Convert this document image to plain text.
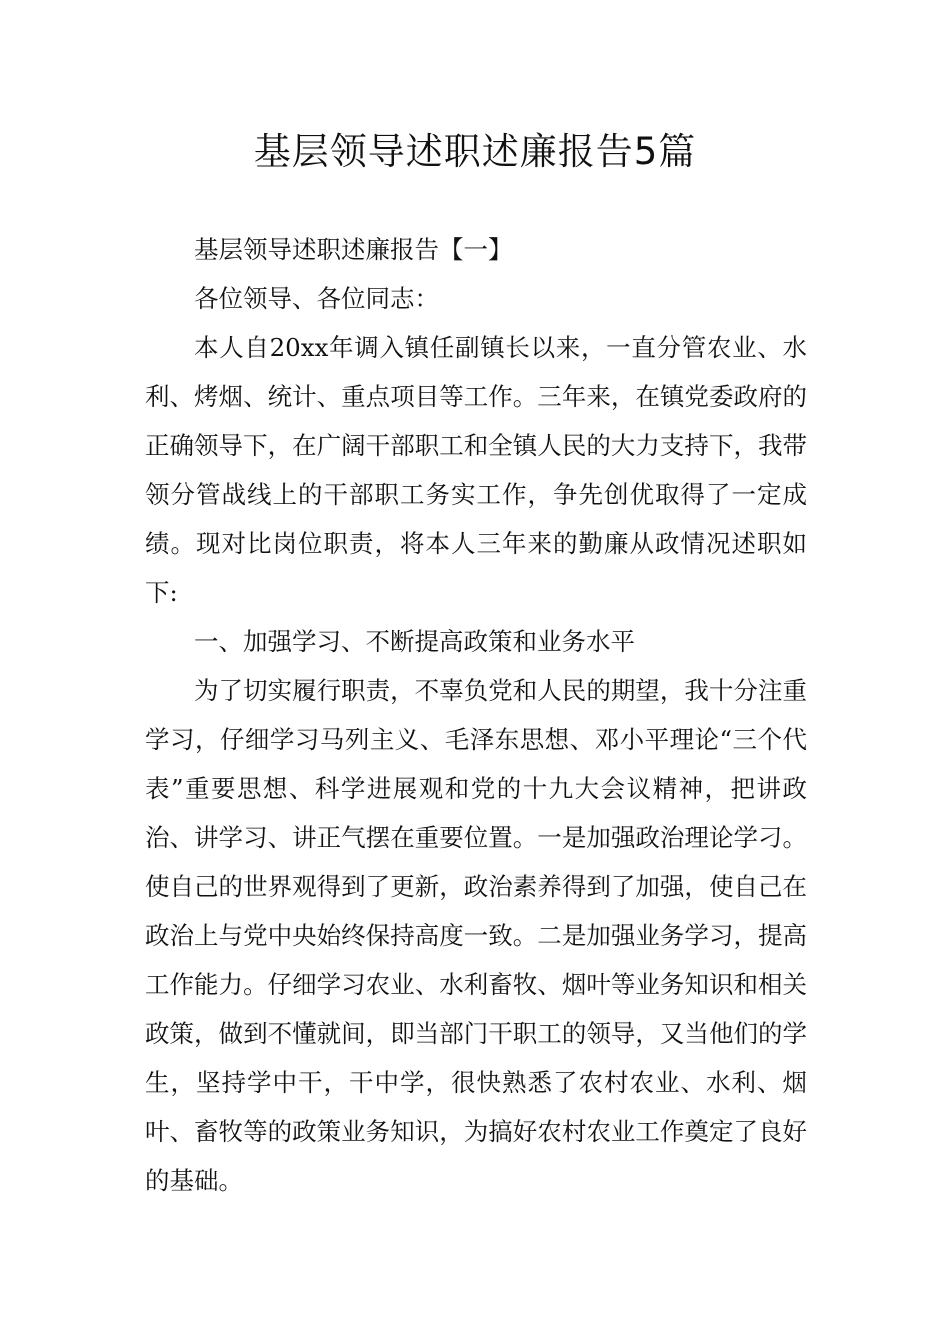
基层领导述职述廉报告5篇

基层领导述职述廉报告【一】

各位领导、各位同志：

本人自20xx年调入镇任副镇长以来，一直分管农业、水利、烤烟、统计、重点项目等工作。三年来，在镇党委政府的正确领导下，在广阔干部职工和全镇人民的大力支持下，我带领分管战线上的干部职工务实工作，争先创优取得了一定成绩。现对比岗位职责，将本人三年来的勤廉从政情况述职如下:

一、加强学习、不断提高政策和业务水平

为了切实履行职责，不辜负党和人民的期望，我十分注重学习，仔细学习马列主义、毛泽东思想、邓小平理论“三个代表”重要思想、科学进展观和党的十九大会议精神，把讲政治、讲学习、讲正气摆在重要位置。一是加强政治理论学刁。使自己的世界观得到了更新，政治素养得到了加强，使自己在政治上与党中央始终保持高度一致。二是加强业务学习，提高工作能力。仔细学习农业、水利畜牧、烟叶等业务知识和相关政策，做到不懂就间，即当部门干职工的领导，又当他们的学生，坚持学中干，干中学，很快熟悉了农村农业、水利、烟叶、畜牧等的政策业务知识，为搞好农村农业工作奠定了良好的基础。
